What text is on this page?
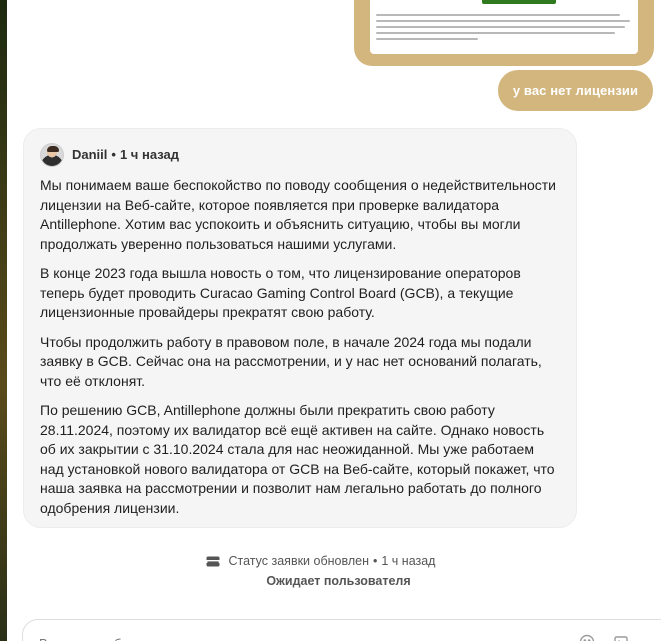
у вас нет лицензии
Daniil • 1 ч назад

Мы понимаем ваше беспокойство по поводу сообщения о недействительности лицензии на Веб-сайте, которое появляется при проверке валидатора Antillephone. Хотим вас успокоить и объяснить ситуацию, чтобы вы могли продолжать уверенно пользоваться нашими услугами.

В конце 2023 года вышла новость о том, что лицензирование операторов теперь будет проводить Curacao Gaming Control Board (GCB), а текущие лицензионные провайдеры прекратят свою работу.

Чтобы продолжить работу в правовом поле, в начале 2024 года мы подали заявку в GCB. Сейчас она на рассмотрении, и у нас нет оснований полагать, что её отклонят.

По решению GCB, Antillephone должны были прекратить свою работу 28.11.2024, поэтому их валидатор всё ещё активен на сайте. Однако новость об их закрытии с 31.10.2024 стала для нас неожиданной. Мы уже работаем над установкой нового валидатора от GCB на Веб-сайте, который покажет, что наша заявка на рассмотрении и позволит нам легально работать до полного одобрения лицензии.

Статус заявки обновлен • 1 ч назад
Ожидает пользователя
Введите сообщение…
